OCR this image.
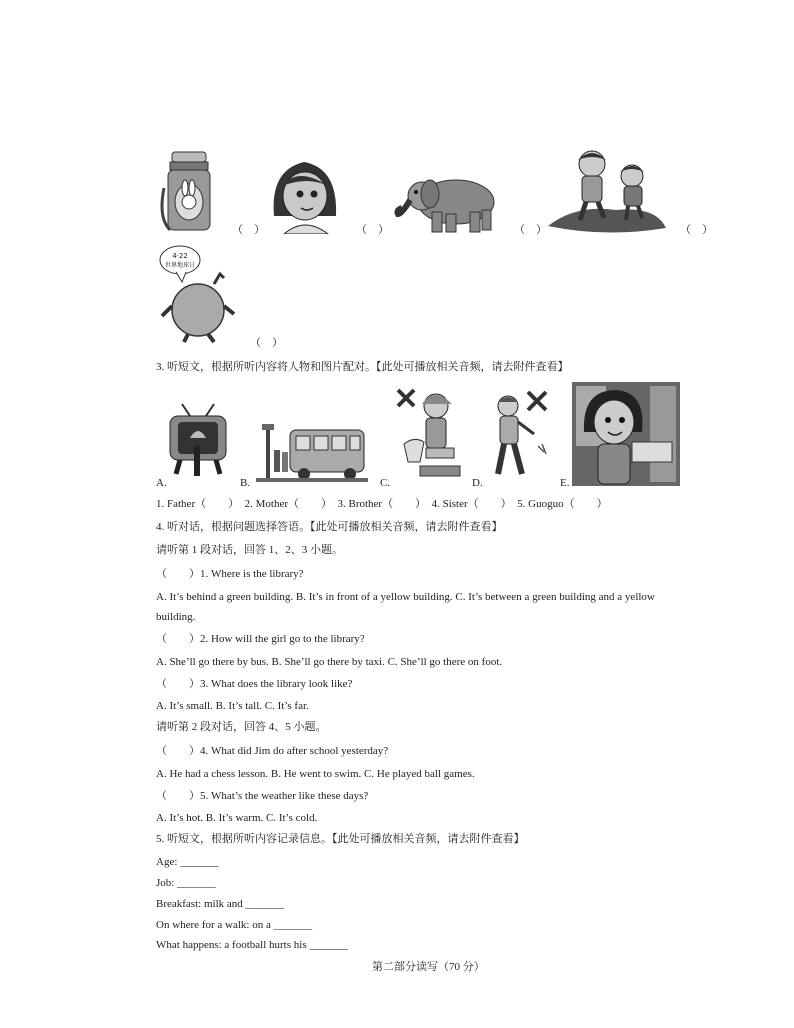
（　）	（　）	（　）	（　）
4·22
世界地球日
（　）
3. 听短文，根据所听内容将人物和图片配对。【此处可播放相关音频，请去附件查看】
A.	B.	C.	D.	E.
1. Father（　　）　2. Mother（　　）　3. Brother（　　）　4. Sister（　　）　5. Guoguo（　　）
4. 听对话，根据问题选择答语。【此处可播放相关音频，请去附件查看】
请听第 1 段对话，回答 1、2、3 小题。
（　　）1. Where is the library?
A. It’s behind a green building. B. It’s in front of a yellow building. C. It’s between a green building and a yellow
building.
（　　）2. How will the girl go to the library?
A. She’ll go there by bus. B. She’ll go there by taxi. C. She’ll go there on foot.
（　　）3. What does the library look like?
A. It’s small. B. It’s tall. C. It’s far.
请听第 2 段对话，回答 4、5 小题。
（　　）4. What did Jim do after school yesterday?
A. He had a chess lesson. B. He went to swim. C. He played ball games.
（　　）5. What’s the weather like these days?
A. It’s hot. B. It’s warm. C. It’s cold.
5. 听短文，根据所听内容记录信息。【此处可播放相关音频，请去附件查看】
Age: _______
Job: _______
Breakfast: milk and _______
On where for a walk: on a _______
What happens: a football hurts his _______
第二部分读写（70 分）
